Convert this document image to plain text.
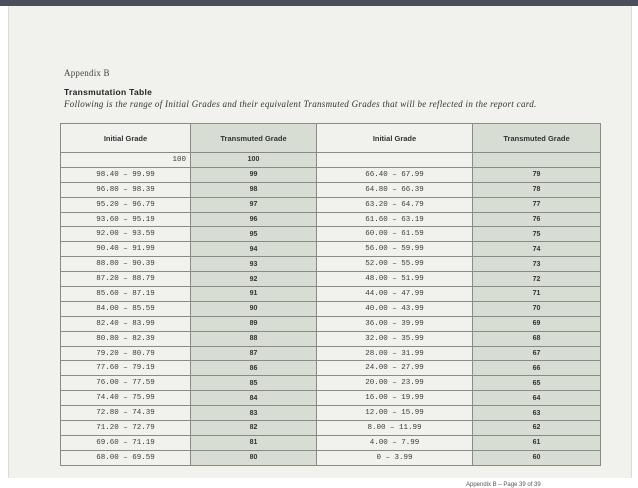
Appendix B
Transmutation Table
Following is the range of Initial Grades and their equivalent Transmuted Grades that will be reflected in the report card.
Initial Grade	Transmuted Grade	Initial Grade	Transmuted Grade
100	100		
98.40 – 99.99	99	66.40 – 67.99	79
96.80 – 98.39	98	64.80 – 66.39	78
95.20 – 96.79	97	63.20 – 64.79	77
93.60 – 95.19	96	61.60 – 63.19	76
92.00 – 93.59	95	60.00 – 61.59	75
90.40 – 91.99	94	56.00 – 59.99	74
88.80 – 90.39	93	52.00 – 55.99	73
87.20 – 88.79	92	48.00 – 51.99	72
85.60 – 87.19	91	44.00 – 47.99	71
84.00 – 85.59	90	40.00 – 43.99	70
82.40 – 83.99	89	36.00 – 39.99	69
80.80 – 82.39	88	32.00 – 35.99	68
79.20 – 80.79	87	28.00 – 31.99	67
77.60 – 79.19	86	24.00 – 27.99	66
76.00 – 77.59	85	20.00 – 23.99	65
74.40 – 75.99	84	16.00 – 19.99	64
72.80 – 74.39	83	12.00 – 15.99	63
71.20 – 72.79	82	8.00 – 11.99	62
69.60 – 71.19	81	4.00 – 7.99	61
68.00 – 69.59	80	0 – 3.99	60
Appendix B – Page 39 of 39
